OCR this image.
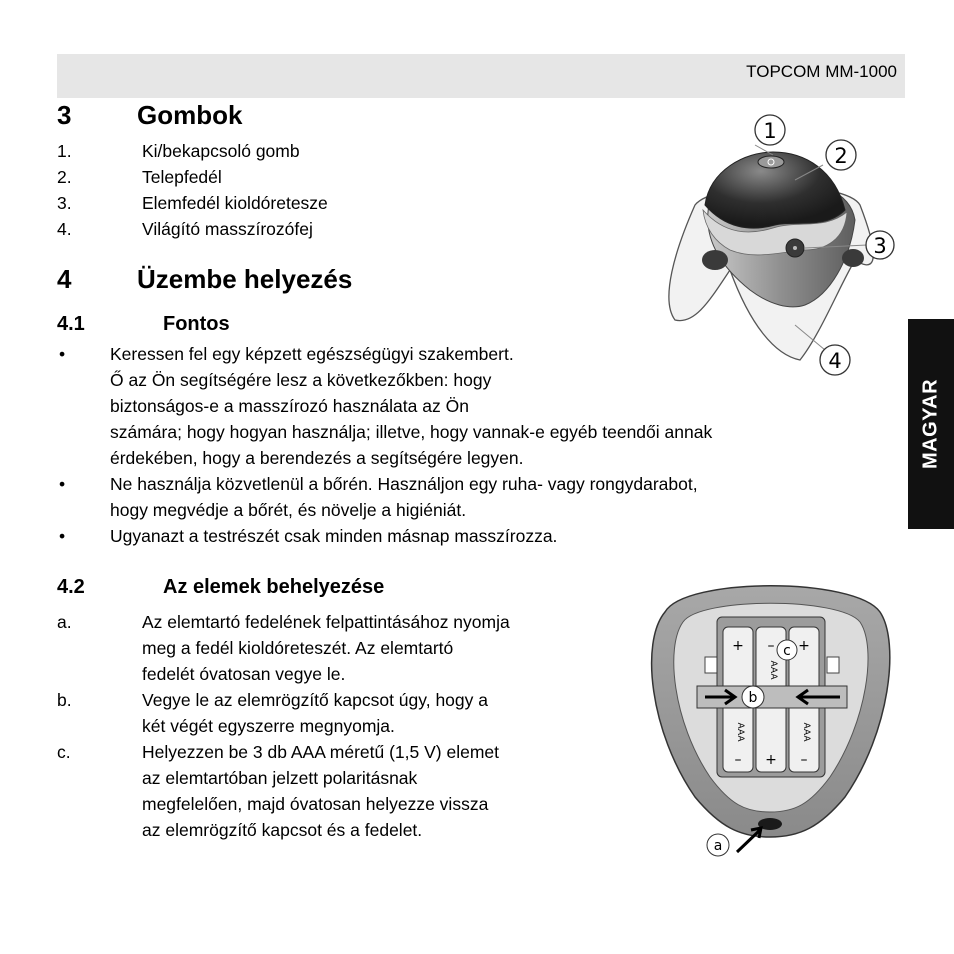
TOPCOM MM-1000
MAGYAR
3	Gombok
1.	Ki/bekapcsoló gomb
2.	Telepfedél
3.	Elemfedél kioldóretesze
4.	Világító masszírozófej
4	Üzembe helyezés
4.1	Fontos
•	Keressen fel egy képzett egészségügyi szakembert.
Ő az Ön segítségére lesz a következőkben: hogy
biztonságos-e a masszírozó használata az Ön
számára; hogy hogyan használja; illetve, hogy vannak-e egyéb teendői annak
érdekében, hogy a berendezés a segítségére legyen.
•	Ne használja közvetlenül a bőrén. Használjon egy ruha- vagy rongydarabot,
hogy megvédje a bőrét, és növelje a higiéniát.
•	Ugyanazt a testrészét csak minden másnap masszírozza.
4.2	Az elemek behelyezése
a.	Az elemtartó fedelének felpattintásához nyomja
meg a fedél kioldóreteszét. Az elemtartó
fedelét óvatosan vegye le.
b.	Vegye le az elemrögzítő kapcsot úgy, hogy a
két végét egyszerre megnyomja.
c.	Helyezzen be 3 db AAA méretű (1,5 V) elemet
az elemtartóban jelzett polaritásnak
megfelelően, majd óvatosan helyezze vissza
az elemrögzítő kapcsot és a fedelet.
1
2
3
4
+
–
AAA
–
+
AAA
+
–
AAA
a
b
c
